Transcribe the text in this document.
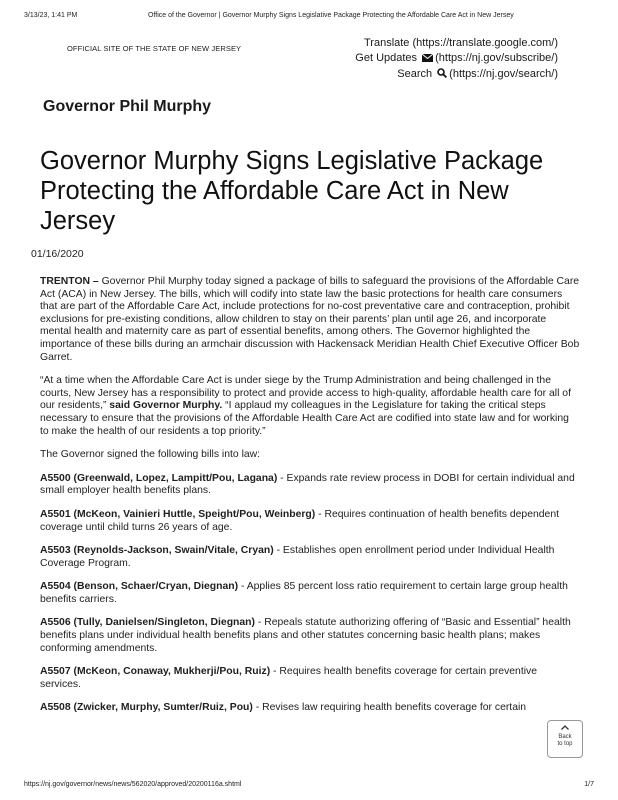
3/13/23, 1:41 PM	Office of the Governor | Governor Murphy Signs Legislative Package Protecting the Affordable Care Act in New Jersey
OFFICIAL SITE OF THE STATE OF NEW JERSEY	Translate (https://translate.google.com/)
Get Updates (https://nj.gov/subscribe/)
Search (https://nj.gov/search/)
Governor Phil Murphy
Governor Murphy Signs Legislative Package Protecting the Affordable Care Act in New Jersey
01/16/2020

TRENTON – Governor Phil Murphy today signed a package of bills to safeguard the provisions of the Affordable Care Act (ACA) in New Jersey. The bills, which will codify into state law the basic protections for health care consumers that are part of the Affordable Care Act, include protections for no-cost preventative care and contraception, prohibit exclusions for pre-existing conditions, allow children to stay on their parents’ plan until age 26, and incorporate mental health and maternity care as part of essential benefits, among others. The Governor highlighted the importance of these bills during an armchair discussion with Hackensack Meridian Health Chief Executive Officer Bob Garret.

“At a time when the Affordable Care Act is under siege by the Trump Administration and being challenged in the courts, New Jersey has a responsibility to protect and provide access to high-quality, affordable health care for all of our residents,” said Governor Murphy. “I applaud my colleagues in the Legislature for taking the critical steps necessary to ensure that the provisions of the Affordable Health Care Act are codified into state law and for working to make the health of our residents a top priority.”

The Governor signed the following bills into law:

A5500 (Greenwald, Lopez, Lampitt/Pou, Lagana) - Expands rate review process in DOBI for certain individual and small employer health benefits plans.

A5501 (McKeon, Vainieri Huttle, Speight/Pou, Weinberg) - Requires continuation of health benefits dependent coverage until child turns 26 years of age.

A5503 (Reynolds-Jackson, Swain/Vitale, Cryan) - Establishes open enrollment period under Individual Health Coverage Program.

A5504 (Benson, Schaer/Cryan, Diegnan) - Applies 85 percent loss ratio requirement to certain large group health benefits carriers.

A5506 (Tully, Danielsen/Singleton, Diegnan) - Repeals statute authorizing offering of “Basic and Essential” health benefits plans under individual health benefits plans and other statutes concerning basic health plans; makes conforming amendments.

A5507 (McKeon, Conaway, Mukherji/Pou, Ruiz) - Requires health benefits coverage for certain preventive services.

A5508 (Zwicker, Murphy, Sumter/Ruiz, Pou) - Revises law requiring health benefits coverage for certain

Back
to top
https://nj.gov/governor/news/news/562020/approved/20200116a.shtml	1/7
